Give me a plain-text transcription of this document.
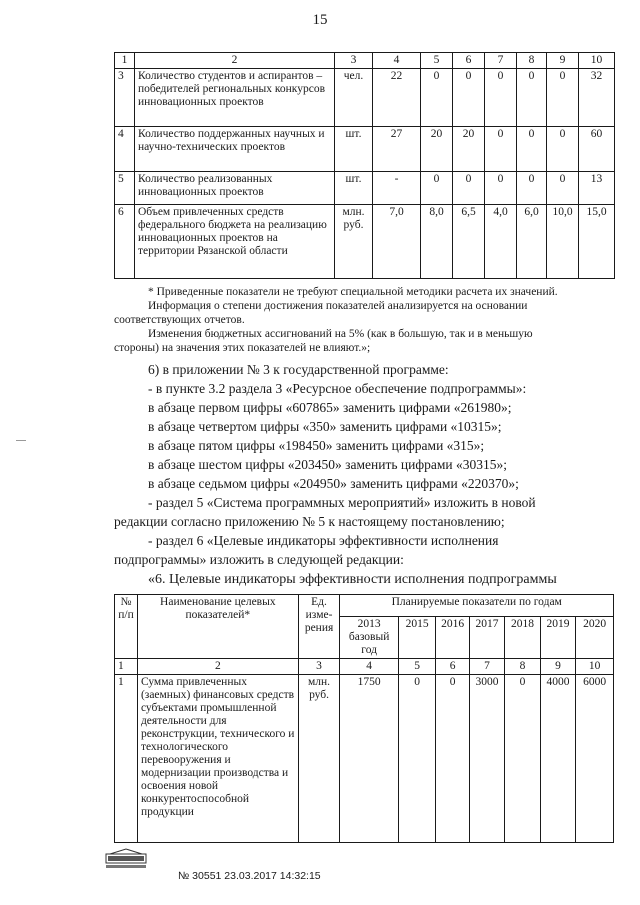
15
1	2	3	4	5	6	7	8	9	10
3	Количество студентов и аспирантов – победителей региональных конкурсов инновационных проектов	чел.	22	0	0	0	0	0	32
4	Количество поддержанных научных и научно-технических проектов	шт.	27	20	20	0	0	0	60
5	Количество реализованных инновационных проектов	шт.	-	0	0	0	0	0	13
6	Объем привлеченных средств федерального бюджета на реализацию инновационных проектов на территории Рязанской области	млн. руб.	7,0	8,0	6,5	4,0	6,0	10,0	15,0
* Приведенные показатели не требуют специальной методики расчета их значений.
Информация о степени достижения показателей анализируется на основании
соответствующих отчетов.
Изменения бюджетных ассигнований на 5% (как в большую, так и в меньшую
стороны) на значения этих показателей не влияют.»;
6) в приложении № 3 к государственной программе:
- в пункте 3.2 раздела 3 «Ресурсное обеспечение подпрограммы»:
в абзаце первом цифры «607865» заменить цифрами «261980»;
в абзаце четвертом цифры «350» заменить цифрами «10315»;
в абзаце пятом цифры «198450» заменить цифрами «315»;
в абзаце шестом цифры «203450» заменить цифрами «30315»;
в абзаце седьмом цифры «204950» заменить цифрами «220370»;
- раздел 5 «Система программных мероприятий» изложить в новой
редакции согласно приложению № 5 к настоящему постановлению;
- раздел 6 «Целевые индикаторы эффективности исполнения
подпрограммы» изложить в следующей редакции:
«6. Целевые индикаторы эффективности исполнения подпрограммы
№ п/п	Наименование целевых показателей*	Ед. изме-рения	Планируемые показатели по годам						
			2013 базовый год	2015	2016	2017	2018	2019	2020
1	2	3	4	5	6	7	8	9	10
1	Сумма привлеченных (заемных) финансовых средств субъектами промышленной деятельности для реконструкции, технического и технологического перевооружения и модернизации производства и освоения новой конкурентоспособной продукции	млн. руб.	1750	0	0	3000	0	4000	6000
№ 30551 23.03.2017 14:32:15
